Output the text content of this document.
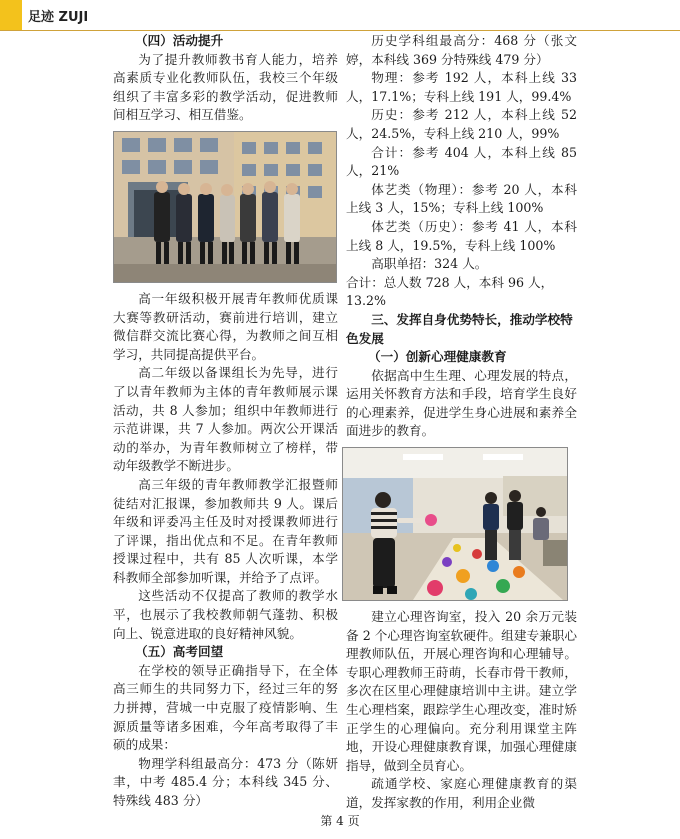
足迹 ZUJI

（四）活动提升

为了提升教师教书育人能力，培养高素质专业化教师队伍，我校三个年级组织了丰富多彩的教学活动，促进教师间相互学习、相互借鉴。

高一年级积极开展青年教师优质课大赛等教研活动，赛前进行培训，建立微信群交流比赛心得，为教师之间互相学习，共同提高提供平台。

高二年级以备课组长为先导，进行了以青年教师为主体的青年教师展示课活动，共 8 人参加；组织中年教师进行示范讲课，共 7 人参加。两次公开课活动的举办，为青年教师树立了榜样，带动年级教学不断进步。

高三年级的青年教师教学汇报暨师徒结对汇报课，参加教师共 9 人。课后年级和评委冯主任及时对授课教师进行了评课，指出优点和不足。在青年教师授课过程中，共有 85 人次听课，本学科教师全部参加听课，并给予了点评。

这些活动不仅提高了教师的教学水平，也展示了我校教师朝气蓬勃、积极向上、锐意进取的良好精神风貌。

（五）高考回望

在学校的领导正确指导下，在全体高三师生的共同努力下，经过三年的努力拼搏，营城一中克服了疫情影响、生源质量等诸多困难，今年高考取得了丰硕的成果：

物理学科组最高分：473 分（陈妍聿，中考 485.4 分；本科线 345 分、特殊线 483 分）

历史学科组最高分：468 分（张文婷，本科线 369 分特殊线 479 分）

物理：参考 192 人，本科上线 33 人，17.1%；专科上线 191 人，99.4%

历史：参考 212 人，本科上线 52 人，24.5%，专科上线 210 人，99%

合计：参考 404 人，本科上线 85 人，21%

体艺类（物理）：参考 20 人，本科上线 3 人，15%；专科上线 100%

体艺类（历史）：参考 41 人，本科上线 8 人，19.5%，专科上线 100%

高职单招：324 人。

合计：总人数 728 人，本科 96 人，13.2%

三、发挥自身优势特长，推动学校特色发展

（一）创新心理健康教育

依据高中生生理、心理发展的特点，运用关怀教育方法和手段，培育学生良好的心理素养，促进学生身心进展和素养全面进步的教育。

建立心理咨询室，投入 20 余万元装备 2 个心理咨询室软硬件。组建专兼职心理教师队伍，开展心理咨询和心理辅导。专职心理教师王莳萌，长春市骨干教师，多次在区里心理健康培训中主讲。建立学生心理档案，跟踪学生心理改变，准时矫正学生的心理偏向。充分利用课堂主阵地，开设心理健康教育课，加强心理健康指导，做到全员育心。

疏通学校、家庭心理健康教育的渠道，发挥家教的作用，利用企业微

第 4 页
